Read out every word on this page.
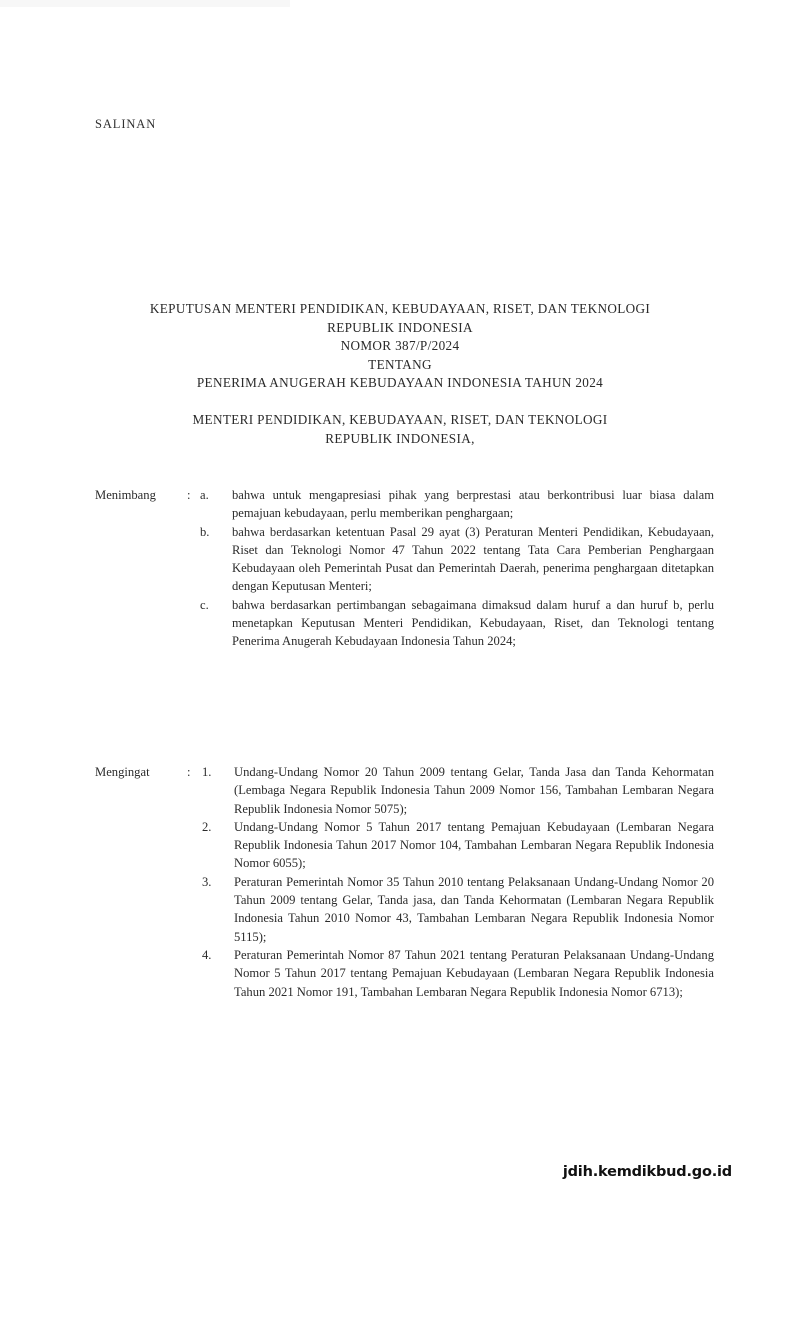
SALINAN
KEPUTUSAN MENTERI PENDIDIKAN, KEBUDAYAAN, RISET, DAN TEKNOLOGI
REPUBLIK INDONESIA
NOMOR 387/P/2024
TENTANG
PENERIMA ANUGERAH KEBUDAYAAN INDONESIA TAHUN 2024
MENTERI PENDIDIKAN, KEBUDAYAAN, RISET, DAN TEKNOLOGI
REPUBLIK INDONESIA,
Menimbang	: a.	bahwa untuk mengapresiasi pihak yang berprestasi atau berkontribusi luar biasa dalam pemajuan kebudayaan, perlu memberikan penghargaan;
b.	bahwa berdasarkan ketentuan Pasal 29 ayat (3) Peraturan Menteri Pendidikan, Kebudayaan, Riset dan Teknologi Nomor 47 Tahun 2022 tentang Tata Cara Pemberian Penghargaan Kebudayaan oleh Pemerintah Pusat dan Pemerintah Daerah, penerima penghargaan ditetapkan dengan Keputusan Menteri;
c.	bahwa berdasarkan pertimbangan sebagaimana dimaksud dalam huruf a dan huruf b, perlu menetapkan Keputusan Menteri Pendidikan, Kebudayaan, Riset, dan Teknologi tentang Penerima Anugerah Kebudayaan Indonesia Tahun 2024;
Mengingat	: 1.	Undang-Undang Nomor 20 Tahun 2009 tentang Gelar, Tanda Jasa dan Tanda Kehormatan (Lembaga Negara Republik Indonesia Tahun 2009 Nomor 156, Tambahan Lembaran Negara Republik Indonesia Nomor 5075);
2.	Undang-Undang Nomor 5 Tahun 2017 tentang Pemajuan Kebudayaan (Lembaran Negara Republik Indonesia Tahun 2017 Nomor 104, Tambahan Lembaran Negara Republik Indonesia Nomor 6055);
3.	Peraturan Pemerintah Nomor 35 Tahun 2010 tentang Pelaksanaan Undang-Undang Nomor 20 Tahun 2009 tentang Gelar, Tanda jasa, dan Tanda Kehormatan (Lembaran Negara Republik Indonesia Tahun 2010 Nomor 43, Tambahan Lembaran Negara Republik Indonesia Nomor 5115);
4.	Peraturan Pemerintah Nomor 87 Tahun 2021 tentang Peraturan Pelaksanaan Undang-Undang Nomor 5 Tahun 2017 tentang Pemajuan Kebudayaan (Lembaran Negara Republik Indonesia Tahun 2021 Nomor 191, Tambahan Lembaran Negara Republik Indonesia Nomor 6713);
jdih.kemdikbud.go.id
